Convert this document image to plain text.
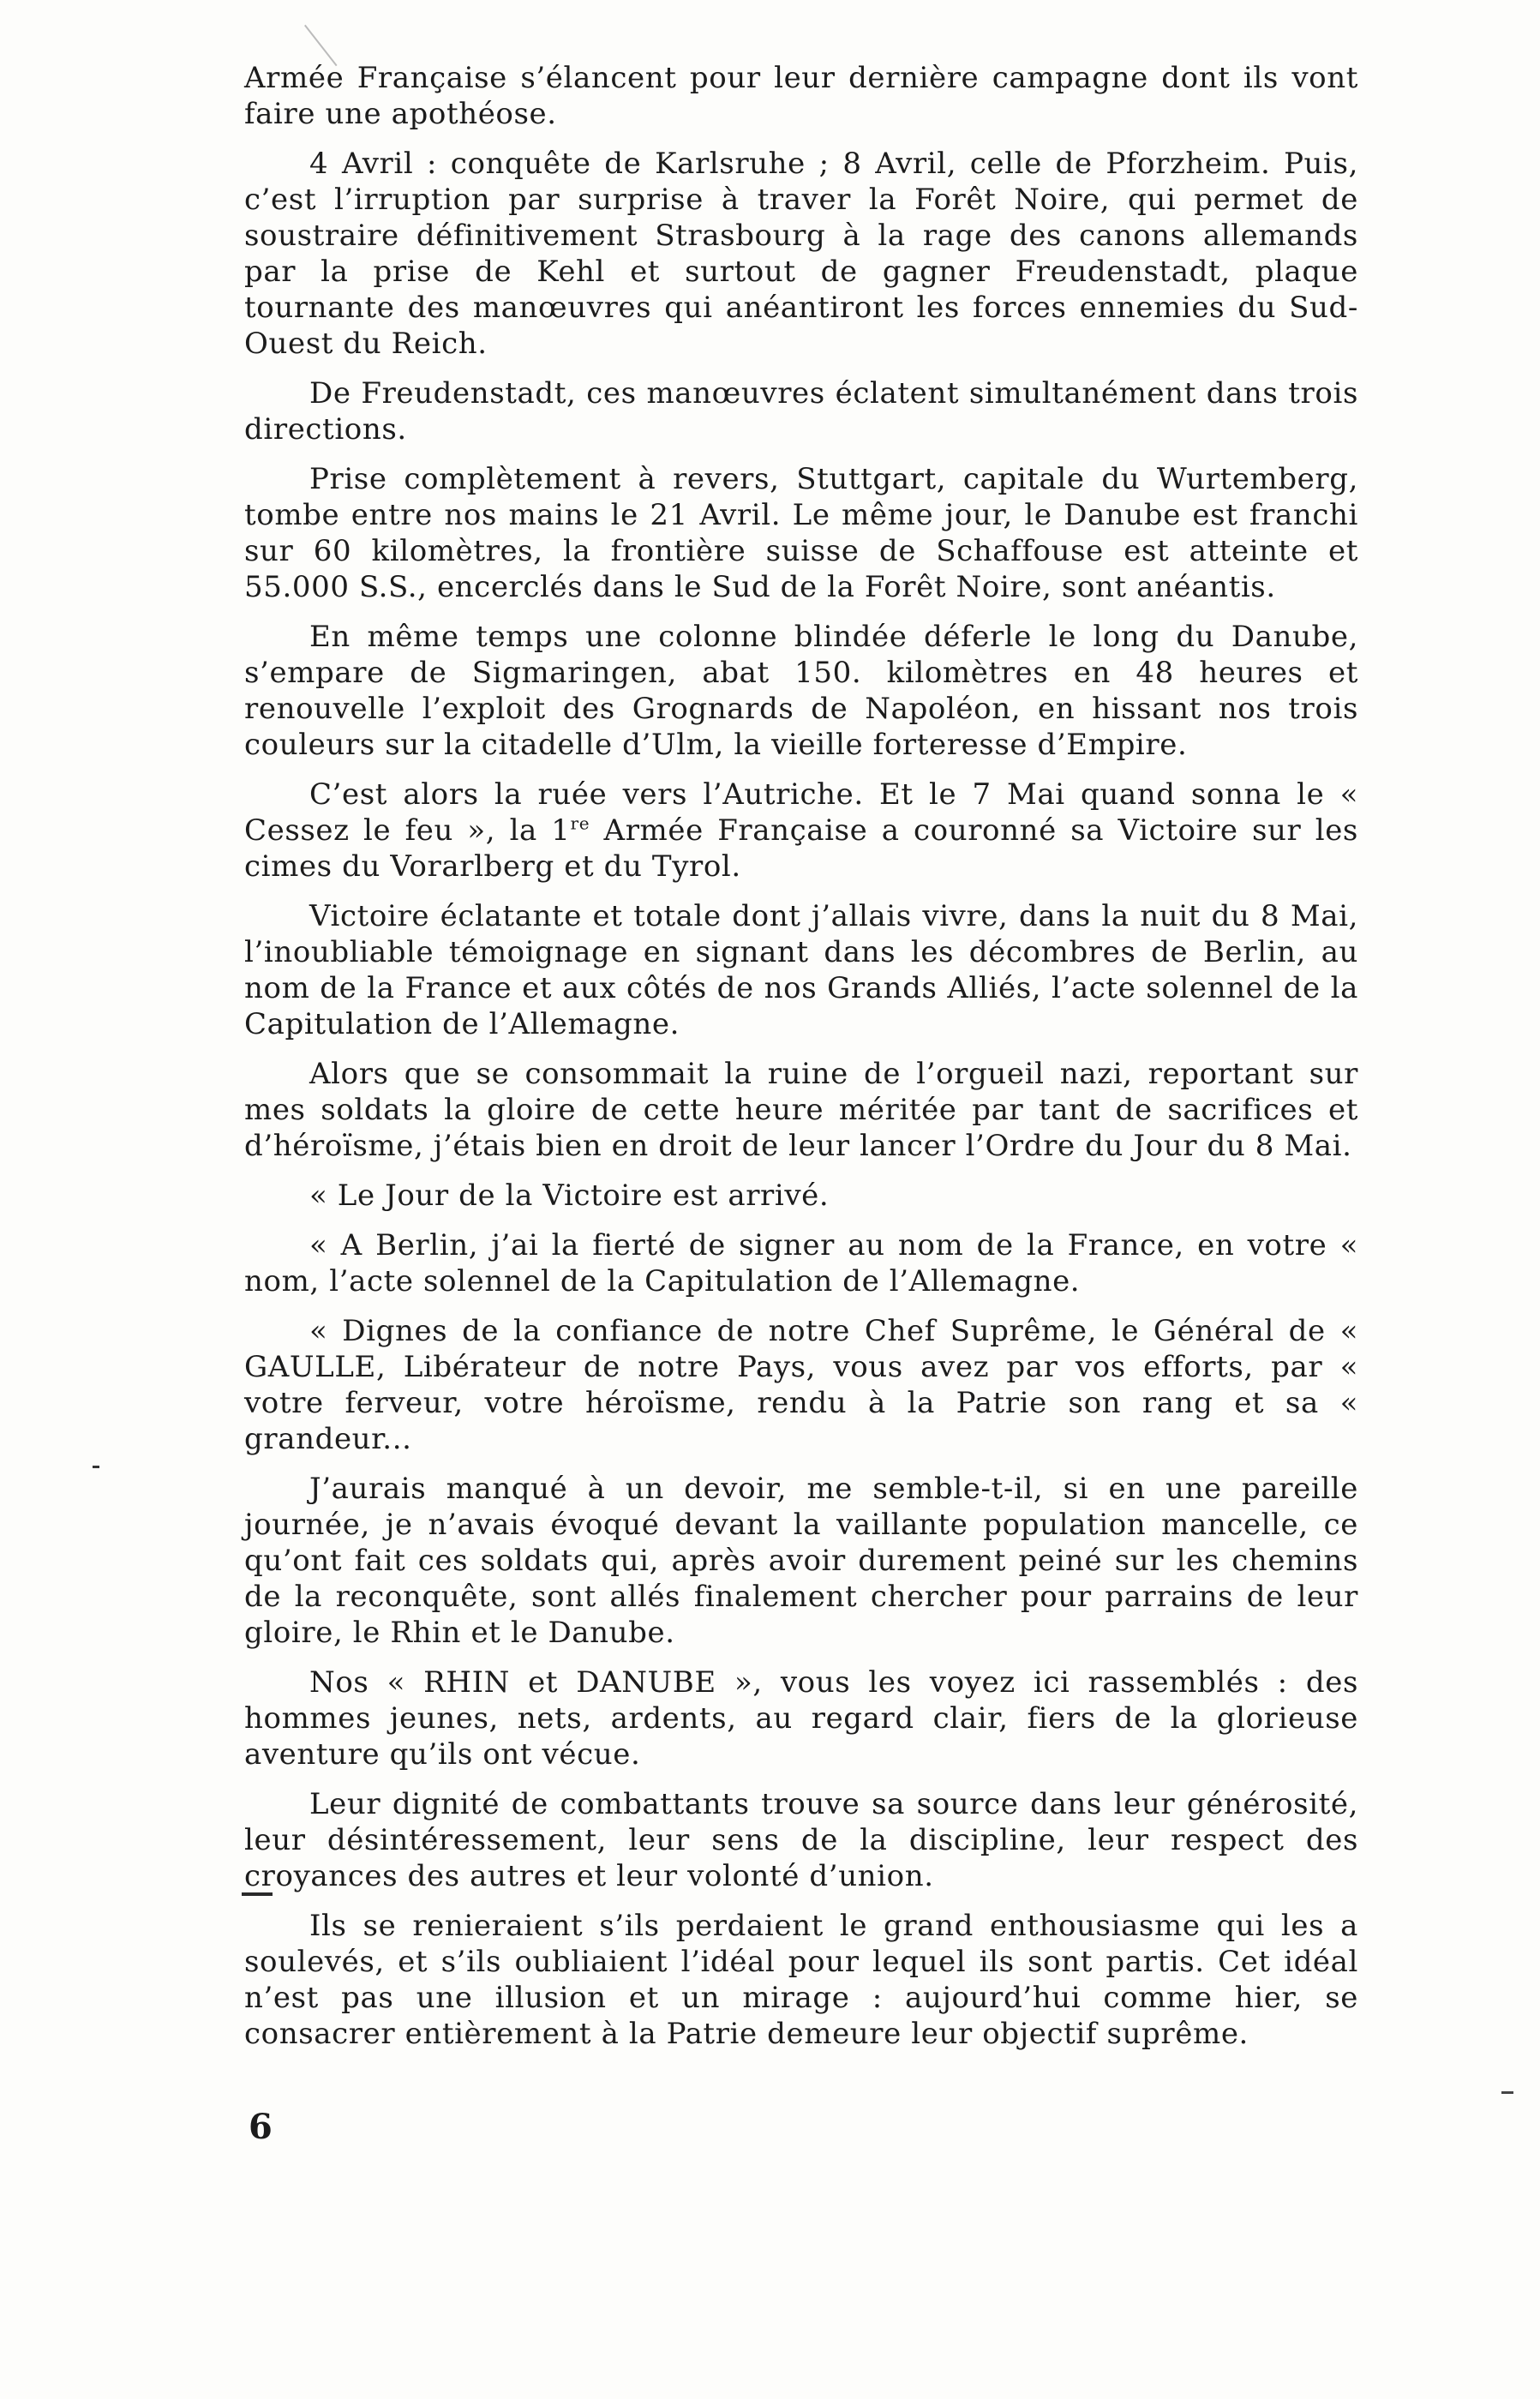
Armée Française s’élancent pour leur dernière campagne dont ils vont faire une apothéose.

4 Avril : conquête de Karlsruhe ; 8 Avril, celle de Pforzheim. Puis, c’est l’irruption par surprise à traver la Forêt Noire, qui permet de soustraire définitivement Strasbourg à la rage des canons allemands par la prise de Kehl et surtout de gagner Freudenstadt, plaque tournante des manœuvres qui anéantiront les forces ennemies du Sud-Ouest du Reich.

De Freudenstadt, ces manœuvres éclatent simultanément dans trois directions.

Prise complètement à revers, Stuttgart, capitale du Wurtemberg, tombe entre nos mains le 21 Avril. Le même jour, le Danube est franchi sur 60 kilomètres, la frontière suisse de Schaffouse est atteinte et 55.000 S.S., encerclés dans le Sud de la Forêt Noire, sont anéantis.

En même temps une colonne blindée déferle le long du Danube, s’empare de Sigmaringen, abat 150. kilomètres en 48 heures et renouvelle l’exploit des Grognards de Napoléon, en hissant nos trois couleurs sur la citadelle d’Ulm, la vieille forteresse d’Empire.

C’est alors la ruée vers l’Autriche. Et le 7 Mai quand sonna le « Cessez le feu », la 1re Armée Française a couronné sa Victoire sur les cimes du Vorarlberg et du Tyrol.

Victoire éclatante et totale dont j’allais vivre, dans la nuit du 8 Mai, l’inoubliable témoignage en signant dans les décombres de Berlin, au nom de la France et aux côtés de nos Grands Alliés, l’acte solennel de la Capitulation de l’Allemagne.

Alors que se consommait la ruine de l’orgueil nazi, reportant sur mes soldats la gloire de cette heure méritée par tant de sacrifices et d’héroïsme, j’étais bien en droit de leur lancer l’Ordre du Jour du 8 Mai.

« Le Jour de la Victoire est arrivé.

« A Berlin, j’ai la fierté de signer au nom de la France, en votre « nom, l’acte solennel de la Capitulation de l’Allemagne.

« Dignes de la confiance de notre Chef Suprême, le Général de « GAULLE, Libérateur de notre Pays, vous avez par vos efforts, par « votre ferveur, votre héroïsme, rendu à la Patrie son rang et sa « grandeur...

J’aurais manqué à un devoir, me semble-t-il, si en une pareille journée, je n’avais évoqué devant la vaillante population mancelle, ce qu’ont fait ces soldats qui, après avoir durement peiné sur les chemins de la reconquête, sont allés finalement chercher pour parrains de leur gloire, le Rhin et le Danube.

Nos « RHIN et DANUBE », vous les voyez ici rassemblés : des hommes jeunes, nets, ardents, au regard clair, fiers de la glorieuse aventure qu’ils ont vécue.

Leur dignité de combattants trouve sa source dans leur générosité, leur désintéressement, leur sens de la discipline, leur respect des croyances des autres et leur volonté d’union.

Ils se renieraient s’ils perdaient le grand enthousiasme qui les a soulevés, et s’ils oubliaient l’idéal pour lequel ils sont partis. Cet idéal n’est pas une illusion et un mirage : aujourd’hui comme hier, se consacrer entièrement à la Patrie demeure leur objectif suprême.

6
